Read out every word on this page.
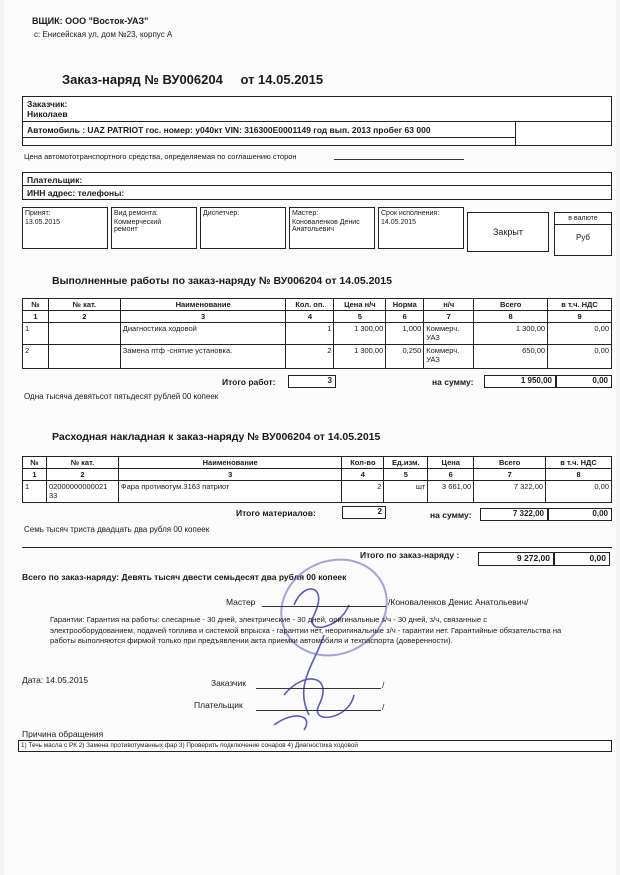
ВЩИК: ООО "Восток-УАЗ"
с: Енисейская ул, дом №23, корпус А
Заказ-наряд № ВУ006204 от 14.05.2015
Заказчик:
Николаев
Автомобиль : UAZ PATRIOT гос. номер: у040кт VIN: 316300E0001149 год вып. 2013 пробег 63 000
Цена автомототранспортного средства, определяемая по соглашению сторон
Плательщик:
ИНН адрес: телефоны:
Принят:
13.05.2015
Вид ремонта:
Коммерческий ремонт
Диспетчер:	Мастер:
Коноваленков Денис Анатольевич
Срок исполнения:
14.05.2015
Закрыт
в валюте
Руб
Выполненные работы по заказ-наряду № ВУ006204 от 14.05.2015
№	№ кат.	Наименование	Кол. оп.	Цена н/ч	Норма	н/ч	Всего	в т.ч. НДС
1	2	3	4	5	6	7	8	9
1		Диагностика ходовой	1	1 300,00	1,000	Коммерч. УАЗ	1 300,00	0,00
2		Замена птф -снятие установка.	2	1 300,00	0,250	Коммерч. УАЗ	650,00	0,00
Итого работ:	3	на сумму:	1 950,00	0,00
Одна тысяча девятьсот пятьдесят рублей 00 копеек
Расходная накладная к заказ-наряду № ВУ006204 от 14.05.2015
№	№ кат.	Наименование	Кол-во	Ед.изм.	Цена	Всего	в т.ч. НДС
1	2	3	4	5	6	7	8
1	02000000000021 33	Фара противотум.3163 патриот	2	шт	3 661,00	7 322,00	0,00
Итого материалов:	2	на сумму:	7 322,00	0,00
Семь тысяч триста двадцать два рубля 00 копеек
Итого по заказ-наряду :	9 272,00	0,00
Всего по заказ-наряду: Девять тысяч двести семьдесят два рубля 00 копеек
Мастер	/Коноваленков Денис Анатольевич/
Гарантии: Гарантия на работы: слесарные - 30 дней, электрические - 30 дней, оригинальные з/ч - 30 дней, з/ч, связанные с электрооборудованием, подачей топлива и системой впрыска - гарантии нет, неоригинальные з/ч - гарантии нет. Гарантийные обязательства на работы выполняются фирмой только при предъявлении акта приемки автомобиля и техпаспорта (доверенности).
Дата: 14.05.2015	Заказчик	/
Плательщик	/
Причина обращения
1) Течь масла с РК 2) Замена противотуманных фар 3) Проверить подключение сонаров 4) Диагностика ходовой
